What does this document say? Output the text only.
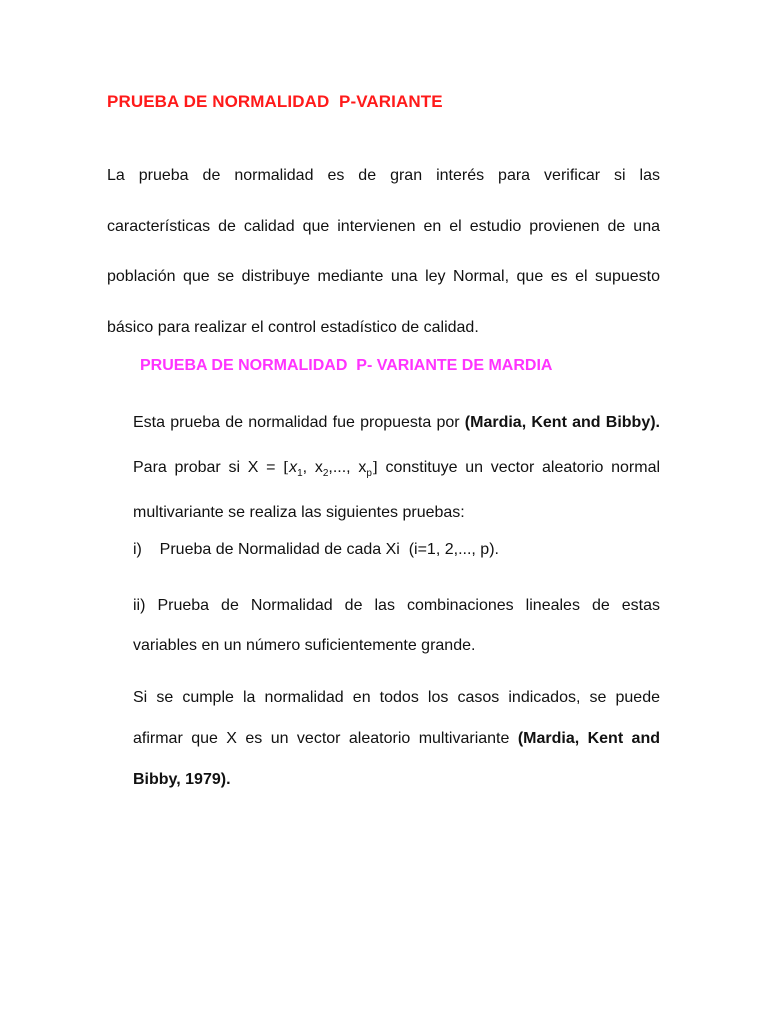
PRUEBA DE NORMALIDAD  P-VARIANTE

La prueba de normalidad es de gran interés para verificar si las características de calidad que intervienen en el estudio provienen de una población que se distribuye mediante una ley Normal, que es el supuesto básico para realizar el control estadístico de calidad.

PRUEBA DE NORMALIDAD  P- VARIANTE DE MARDIA

Esta prueba de normalidad fue propuesta por (Mardia, Kent and Bibby). Para probar si $X = [x_1$, $x_2$,..., $x_p$] constituye un vector aleatorio normal multivariante se realiza las siguientes pruebas:

i)    Prueba de Normalidad de cada Xi  (i=1, 2,..., p).

ii) Prueba de Normalidad de las combinaciones lineales de estas variables en un número suficientemente grande.

Si se cumple la normalidad en todos los casos indicados, se puede afirmar que X es un vector aleatorio multivariante (Mardia, Kent and Bibby, 1979).
